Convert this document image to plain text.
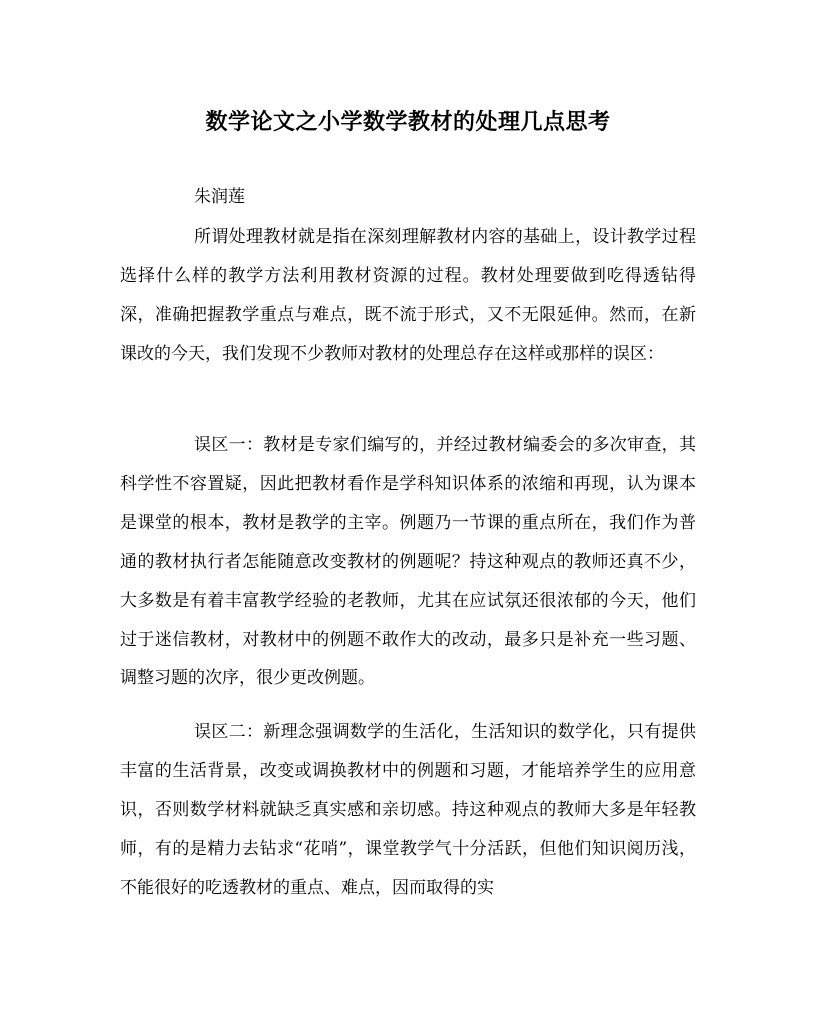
数学论文之小学数学教材的处理几点思考
朱润莲

所谓处理教材就是指在深刻理解教材内容的基础上，设计教学过程选择什么样的教学方法利用教材资源的过程。教材处理要做到吃得透钻得深，准确把握教学重点与难点，既不流于形式，又不无限延伸。然而，在新课改的今天，我们发现不少教师对教材的处理总存在这样或那样的误区：

误区一：教材是专家们编写的，并经过教材编委会的多次审查，其科学性不容置疑，因此把教材看作是学科知识体系的浓缩和再现，认为课本是课堂的根本，教材是教学的主宰。例题乃一节课的重点所在，我们作为普通的教材执行者怎能随意改变教材的例题呢？持这种观点的教师还真不少，大多数是有着丰富教学经验的老教师，尤其在应试氛还很浓郁的今天，他们过于迷信教材，对教材中的例题不敢作大的改动，最多只是补充一些习题、调整习题的次序，很少更改例题。

误区二：新理念强调数学的生活化，生活知识的数学化，只有提供丰富的生活背景，改变或调换教材中的例题和习题，才能培养学生的应用意识，否则数学材料就缺乏真实感和亲切感。持这种观点的教师大多是年轻教师，有的是精力去钻求“花哨”，课堂教学气十分活跃，但他们知识阅历浅，不能很好的吃透教材的重点、难点，因而取得的实
